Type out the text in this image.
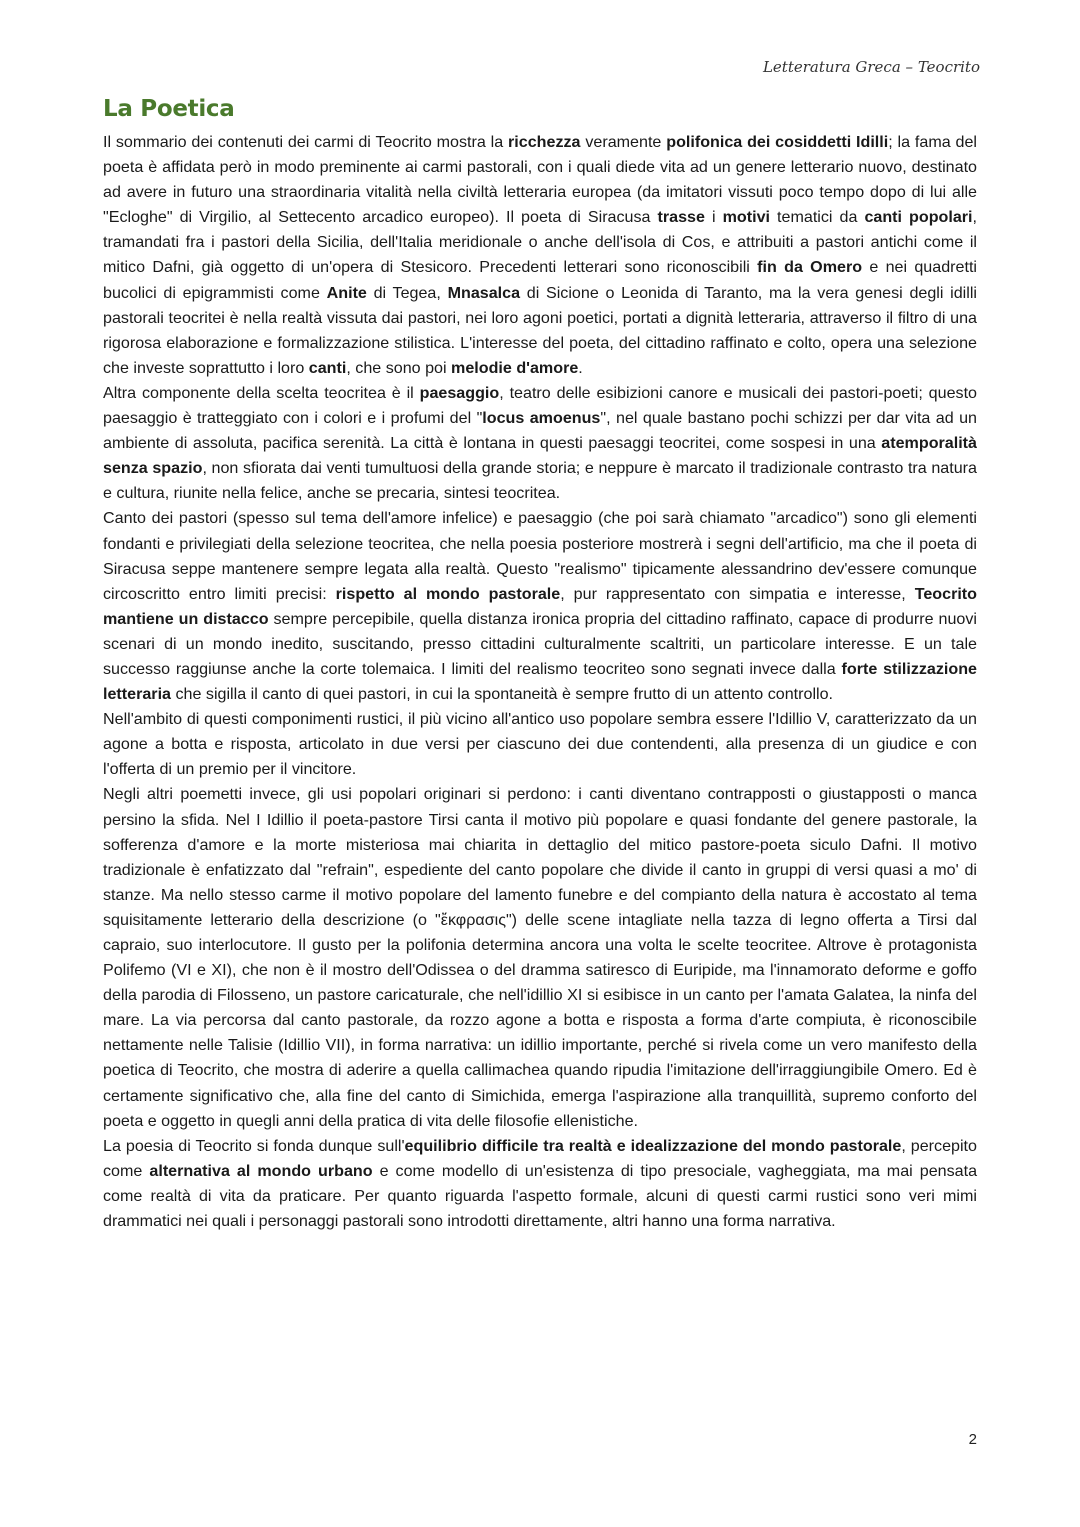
Letteratura Greca – Teocrito
La Poetica

Il sommario dei contenuti dei carmi di Teocrito mostra la ricchezza veramente polifonica dei cosiddetti Idilli; la fama del poeta è affidata però in modo preminente ai carmi pastorali, con i quali diede vita ad un genere letterario nuovo, destinato ad avere in futuro una straordinaria vitalità nella civiltà letteraria europea (da imitatori vissuti poco tempo dopo di lui alle "Ecloghe" di Virgilio, al Settecento arcadico europeo). Il poeta di Siracusa trasse i motivi tematici da canti popolari, tramandati fra i pastori della Sicilia, dell'Italia meridionale o anche dell'isola di Cos, e attribuiti a pastori antichi come il mitico Dafni, già oggetto di un'opera di Stesicoro. Precedenti letterari sono riconoscibili fin da Omero e nei quadretti bucolici di epigrammisti come Anite di Tegea, Mnasalca di Sicione o Leonida di Taranto, ma la vera genesi degli idilli pastorali teocritei è nella realtà vissuta dai pastori, nei loro agoni poetici, portati a dignità letteraria, attraverso il filtro di una rigorosa elaborazione e formalizzazione stilistica. L'interesse del poeta, del cittadino raffinato e colto, opera una selezione che investe soprattutto i loro canti, che sono poi melodie d'amore.

Altra componente della scelta teocritea è il paesaggio, teatro delle esibizioni canore e musicali dei pastori-poeti; questo paesaggio è tratteggiato con i colori e i profumi del "locus amoenus", nel quale bastano pochi schizzi per dar vita ad un ambiente di assoluta, pacifica serenità. La città è lontana in questi paesaggi teocritei, come sospesi in una atemporalità senza spazio, non sfiorata dai venti tumultuosi della grande storia; e neppure è marcato il tradizionale contrasto tra natura e cultura, riunite nella felice, anche se precaria, sintesi teocritea.

Canto dei pastori (spesso sul tema dell'amore infelice) e paesaggio (che poi sarà chiamato "arcadico") sono gli elementi fondanti e privilegiati della selezione teocritea, che nella poesia posteriore mostrerà i segni dell'artificio, ma che il poeta di Siracusa seppe mantenere sempre legata alla realtà. Questo "realismo" tipicamente alessandrino dev'essere comunque circoscritto entro limiti precisi: rispetto al mondo pastorale, pur rappresentato con simpatia e interesse, Teocrito mantiene un distacco sempre percepibile, quella distanza ironica propria del cittadino raffinato, capace di produrre nuovi scenari di un mondo inedito, suscitando, presso cittadini culturalmente scaltriti, un particolare interesse. E un tale successo raggiunse anche la corte tolemaica. I limiti del realismo teocriteo sono segnati invece dalla forte stilizzazione letteraria che sigilla il canto di quei pastori, in cui la spontaneità è sempre frutto di un attento controllo.

Nell'ambito di questi componimenti rustici, il più vicino all'antico uso popolare sembra essere l'Idillio V, caratterizzato da un agone a botta e risposta, articolato in due versi per ciascuno dei due contendenti, alla presenza di un giudice e con l'offerta di un premio per il vincitore.

Negli altri poemetti invece, gli usi popolari originari si perdono: i canti diventano contrapposti o giustapposti o manca persino la sfida. Nel I Idillio il poeta-pastore Tirsi canta il motivo più popolare e quasi fondante del genere pastorale, la sofferenza d'amore e la morte misteriosa mai chiarita in dettaglio del mitico pastore-poeta siculo Dafni. Il motivo tradizionale è enfatizzato dal "refrain", espediente del canto popolare che divide il canto in gruppi di versi quasi a mo' di stanze. Ma nello stesso carme il motivo popolare del lamento funebre e del compianto della natura è accostato al tema squisitamente letterario della descrizione (o "ἔκφρασις") delle scene intagliate nella tazza di legno offerta a Tirsi dal capraio, suo interlocutore. Il gusto per la polifonia determina ancora una volta le scelte teocritee. Altrove è protagonista Polifemo (VI e XI), che non è il mostro dell'Odissea o del dramma satiresco di Euripide, ma l'innamorato deforme e goffo della parodia di Filosseno, un pastore caricaturale, che nell'idillio XI si esibisce in un canto per l'amata Galatea, la ninfa del mare. La via percorsa dal canto pastorale, da rozzo agone a botta e risposta a forma d'arte compiuta, è riconoscibile nettamente nelle Talisie (Idillio VII), in forma narrativa: un idillio importante, perché si rivela come un vero manifesto della poetica di Teocrito, che mostra di aderire a quella callimachea quando ripudia l'imitazione dell'irraggiungibile Omero. Ed è certamente significativo che, alla fine del canto di Simichida, emerga l'aspirazione alla tranquillità, supremo conforto del poeta e oggetto in quegli anni della pratica di vita delle filosofie ellenistiche.

La poesia di Teocrito si fonda dunque sull'equilibrio difficile tra realtà e idealizzazione del mondo pastorale, percepito come alternativa al mondo urbano e come modello di un'esistenza di tipo presociale, vagheggiata, ma mai pensata come realtà di vita da praticare. Per quanto riguarda l'aspetto formale, alcuni di questi carmi rustici sono veri mimi drammatici nei quali i personaggi pastorali sono introdotti direttamente, altri hanno una forma narrativa.

2
